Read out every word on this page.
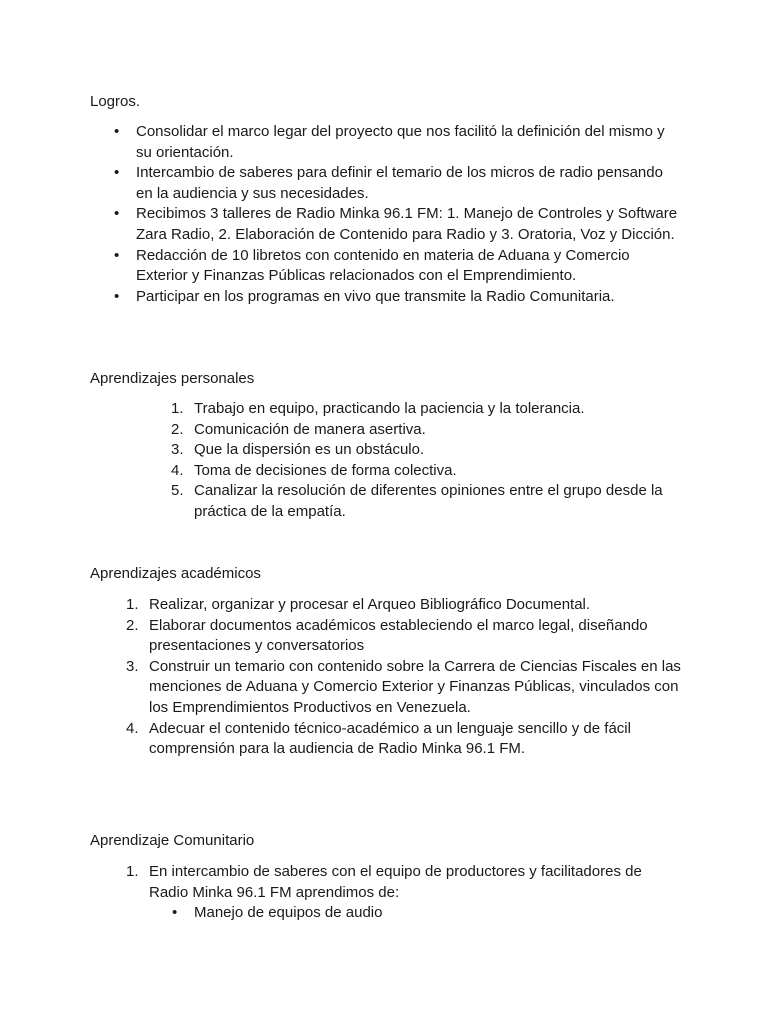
Logros.

• Consolidar el marco legar del proyecto que nos facilitó la definición del mismo y su orientación.
• Intercambio de saberes para definir el temario de los micros de radio pensando en la audiencia y sus necesidades.
• Recibimos 3 talleres de Radio Minka 96.1 FM: 1. Manejo de Controles y Software Zara Radio, 2. Elaboración de Contenido para Radio y 3. Oratoria, Voz y Dicción.
• Redacción de 10 libretos con contenido en materia de Aduana y Comercio Exterior y Finanzas Públicas relacionados con el Emprendimiento.
• Participar en los programas en vivo que transmite la Radio Comunitaria.

Aprendizajes personales

1. Trabajo en equipo, practicando la paciencia y la tolerancia.
2. Comunicación de manera asertiva.
3. Que la dispersión es un obstáculo.
4. Toma de decisiones de forma colectiva.
5. Canalizar la resolución de diferentes opiniones entre el grupo desde la práctica de la empatía.

Aprendizajes académicos

1. Realizar, organizar y procesar el Arqueo Bibliográfico Documental.
2. Elaborar documentos académicos estableciendo el marco legal, diseñando presentaciones y conversatorios
3. Construir un temario con contenido sobre la Carrera de Ciencias Fiscales en las menciones de Aduana y Comercio Exterior y Finanzas Públicas, vinculados con los Emprendimientos Productivos en Venezuela.
4. Adecuar el contenido técnico-académico a un lenguaje sencillo y de fácil comprensión para la audiencia de Radio Minka 96.1 FM.

Aprendizaje Comunitario

1. En intercambio de saberes con el equipo de productores y facilitadores de Radio Minka 96.1 FM aprendimos de:
•	Manejo de equipos de audio
